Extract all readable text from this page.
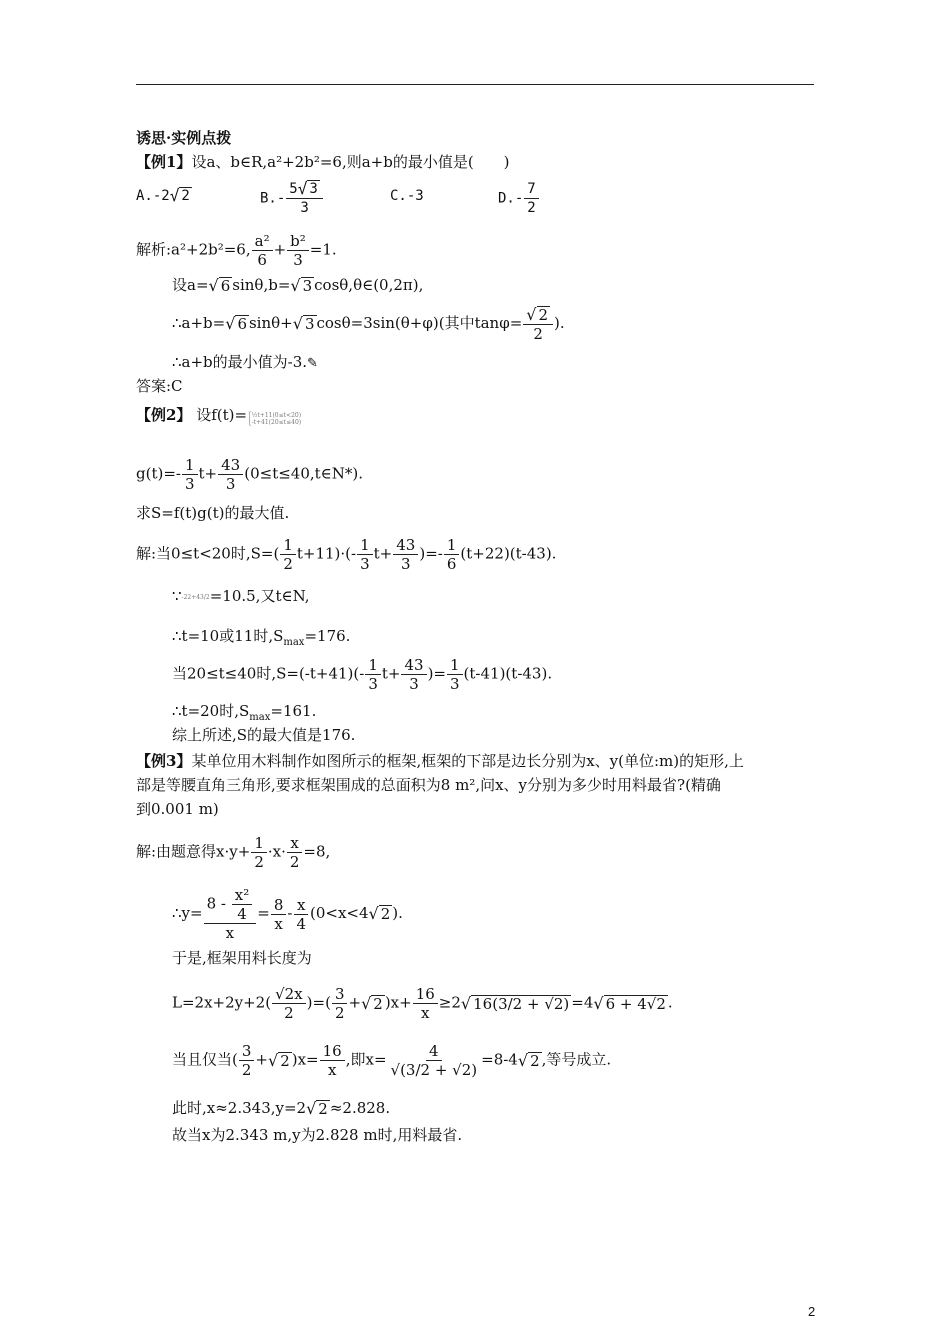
诱思·实例点拨
【例1】设a、b∈R,a²+2b²=6,则a+b的最小值是(　　)
A.-2 √ 2	$B.- \frac{5 √ 3}{3}$	C.-3	$D.- \frac{7}{2}$
解析:a²+2b²=6, $\frac{\text{a²}}{6} + \frac{\text{b²}}{3} =1$.
设a= √ 6 sinθ,b= √ 3 cosθ,θ∈(0,2π),
∴a+b= √ 6 sinθ+ √ 3 cosθ=3sin(θ+φ)(其中$\tan\varphi= \frac{√ 2}{2}$ ).
∴a+b的最小值为-3.✎
答案:C
【例2】 设f(t)=⎧½t+11(0≤t<20)
⎩-t+41(20≤t≤40)
$g(t)=- \frac{1}{3} t+ \frac{43}{3}$ (0≤t≤40,t∈N*).
求S=f(t)g(t)的最大值.
解:当0≤t<20时$,S=( \frac{1}{2} t+11)\cdot(- \frac{1}{3} t+ \frac{43}{3}$ )=- $\frac{1}{6} (t+22)(t-43)$.
∵-22+43/2=10.5,又t∈N,
∴t=10或11时$,S_{max}=176$.
当20≤t≤40时$,S=(-t+41)(- \frac{1}{3} t+ \frac{43}{3}$ )= $\frac{1}{3} (t-41)(t-43)$.
∴t=20时$,S_{max}=161$.
综上所述,S的最大值是176.
【例3】某单位用木料制作如图所示的框架,框架的下部是边长分别为x、y(单位:m)的矩形,上
部是等腰直角三角形,要求框架围成的总面积为8 m²,问x、y分别为多少时用料最省?(精确
到0.001 m)
解:由题意得$x\cdot y+ \frac{1}{2} \cdot x\cdot \frac{x}{2} =8$,
∴y= $\frac{8 - \frac{\text{x²}}{4}}{x} = \frac{8}{x} - \frac{x}{4} (0<x<4$ √ 2 ).
于是,框架用料长度为
$L=2x+2y+2( \frac{√2x}{2}$ )=( $\frac{3}{2}$ + √ 2 )$x+ \frac{16}{x} \ge 2$ √ 16(3/2 + √2) =4 √ 6 + 4√2 .
当且仅当( $\frac{3}{2}$ + √ 2 )$x= \frac{16}{x}$ ,即$x= \frac{4}{√(3/2 + √2)} =8-4$ √ 2 ,等号成立.
此时,x≈2.343,y=2 √ 2 ≈2.828.
故当x为2.343 m,y为2.828 m时,用料最省.
2
